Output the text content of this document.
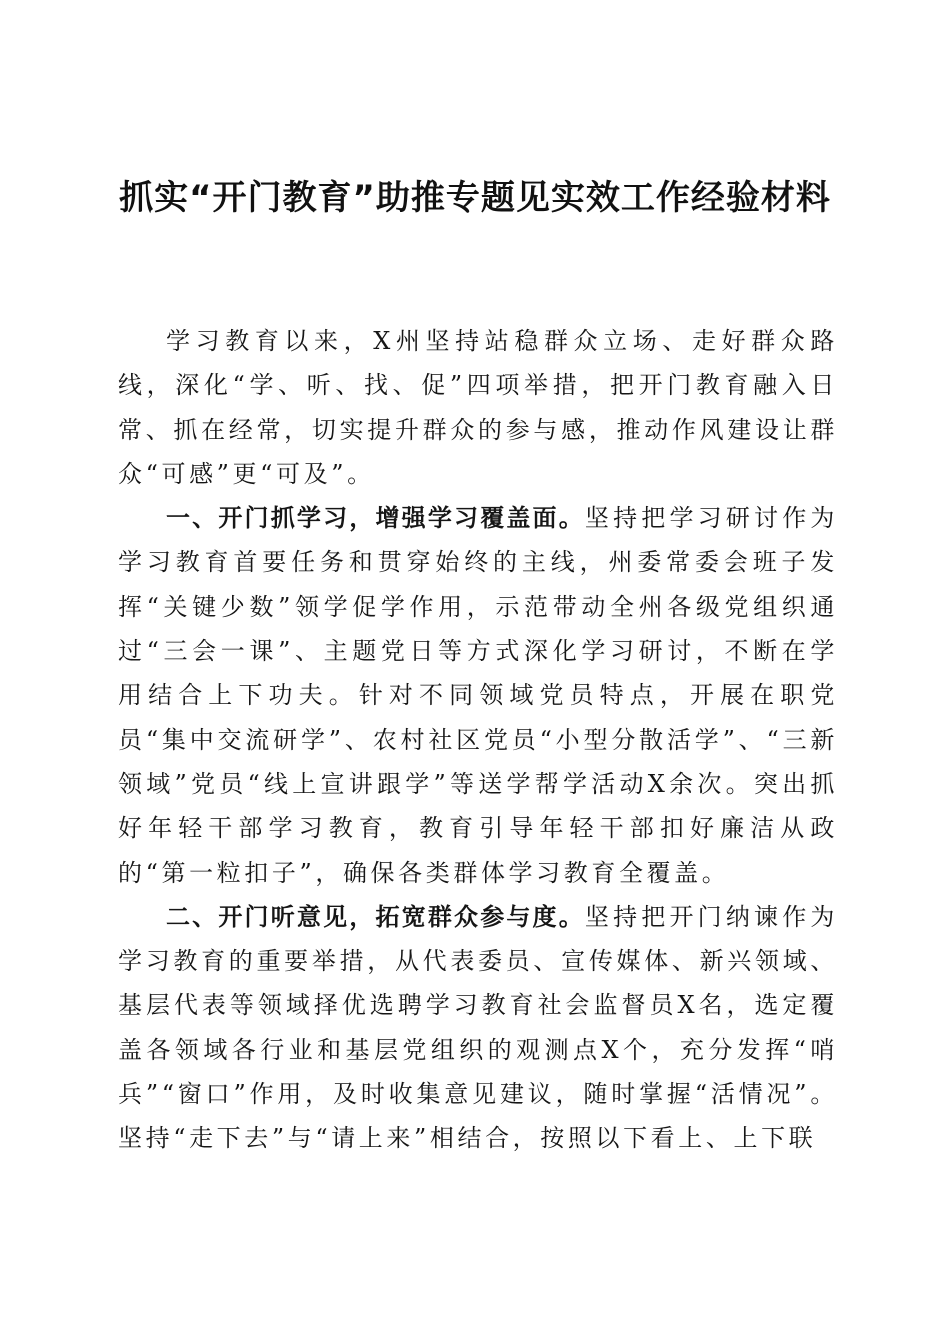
抓实“开门教育”助推专题见实效工作经验材料

学习教育以来，X州坚持站稳群众立场、走好群众路线，深化“学、听、找、促”四项举措，把开门教育融入日常、抓在经常，切实提升群众的参与感，推动作风建设让群众“可感”更“可及”。

一、开门抓学习，增强学习覆盖面。坚持把学习研讨作为学习教育首要任务和贯穿始终的主线，州委常委会班子发挥“关键少数”领学促学作用，示范带动全州各级党组织通过“三会一课”、主题党日等方式深化学习研讨，不断在学用结合上下功夫。针对不同领域党员特点，开展在职党员“集中交流研学”、农村社区党员“小型分散活学”、“三新领域”党员“线上宣讲跟学”等送学帮学活动X余次。突出抓好年轻干部学习教育，教育引导年轻干部扣好廉洁从政的“第一粒扣子”，确保各类群体学习教育全覆盖。

二、开门听意见，拓宽群众参与度。坚持把开门纳谏作为学习教育的重要举措，从代表委员、宣传媒体、新兴领域、基层代表等领域择优选聘学习教育社会监督员X名，选定覆盖各领域各行业和基层党组织的观测点X个，充分发挥“哨兵”“窗口”作用，及时收集意见建议，随时掌握“活情况”。坚持“走下去”与“请上来”相结合，按照以下看上、上下联
